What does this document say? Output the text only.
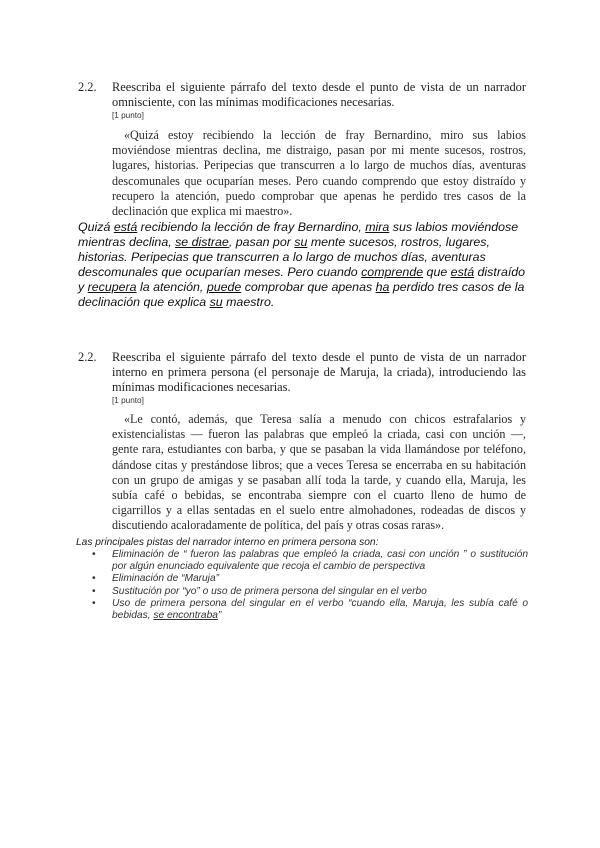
2.2. Reescriba el siguiente párrafo del texto desde el punto de vista de un narrador omnisciente, con las mínimas modificaciones necesarias.
[1 punto]
«Quizá estoy recibiendo la lección de fray Bernardino, miro sus labios moviéndose mientras declina, me distraigo, pasan por mi mente sucesos, rostros, lugares, historias. Peripecias que transcurren a lo largo de muchos días, aventuras descomunales que ocuparían meses. Pero cuando comprendo que estoy distraído y recupero la atención, puedo comprobar que apenas he perdido tres casos de la declinación que explica mi maestro».
Quizá está recibiendo la lección de fray Bernardino, mira sus labios moviéndose mientras declina, se distrae, pasan por su mente sucesos, rostros, lugares, historias. Peripecias que transcurren a lo largo de muchos días, aventuras descomunales que ocuparían meses. Pero cuando comprende que está distraído y recupera la atención, puede comprobar que apenas ha perdido tres casos de la declinación que explica su maestro.
2.2. Reescriba el siguiente párrafo del texto desde el punto de vista de un narrador interno en primera persona (el personaje de Maruja, la criada), introduciendo las mínimas modificaciones necesarias.
[1 punto]
«Le contó, además, que Teresa salía a menudo con chicos estrafalarios y existencialistas — fueron las palabras que empleó la criada, casi con unción —, gente rara, estudiantes con barba, y que se pasaban la vida llamándose por teléfono, dándose citas y prestándose libros; que a veces Teresa se encerraba en su habitación con un grupo de amigas y se pasaban allí toda la tarde, y cuando ella, Maruja, les subía café o bebidas, se encontraba siempre con el cuarto lleno de humo de cigarrillos y a ellas sentadas en el suelo entre almohadones, rodeadas de discos y discutiendo acaloradamente de política, del país y otras cosas raras».
Las principales pistas del narrador interno en primera persona son:
• Eliminación de “ fueron las palabras que empleó la criada, casi con unción ” o sustitución por algún enunciado equivalente que recoja el cambio de perspectiva
• Eliminación de “Maruja”
• Sustitución por “yo” o uso de primera persona del singular en el verbo
• Uso de primera persona del singular en el verbo “cuando ella, Maruja, les subía café o bebidas, se encontraba”
